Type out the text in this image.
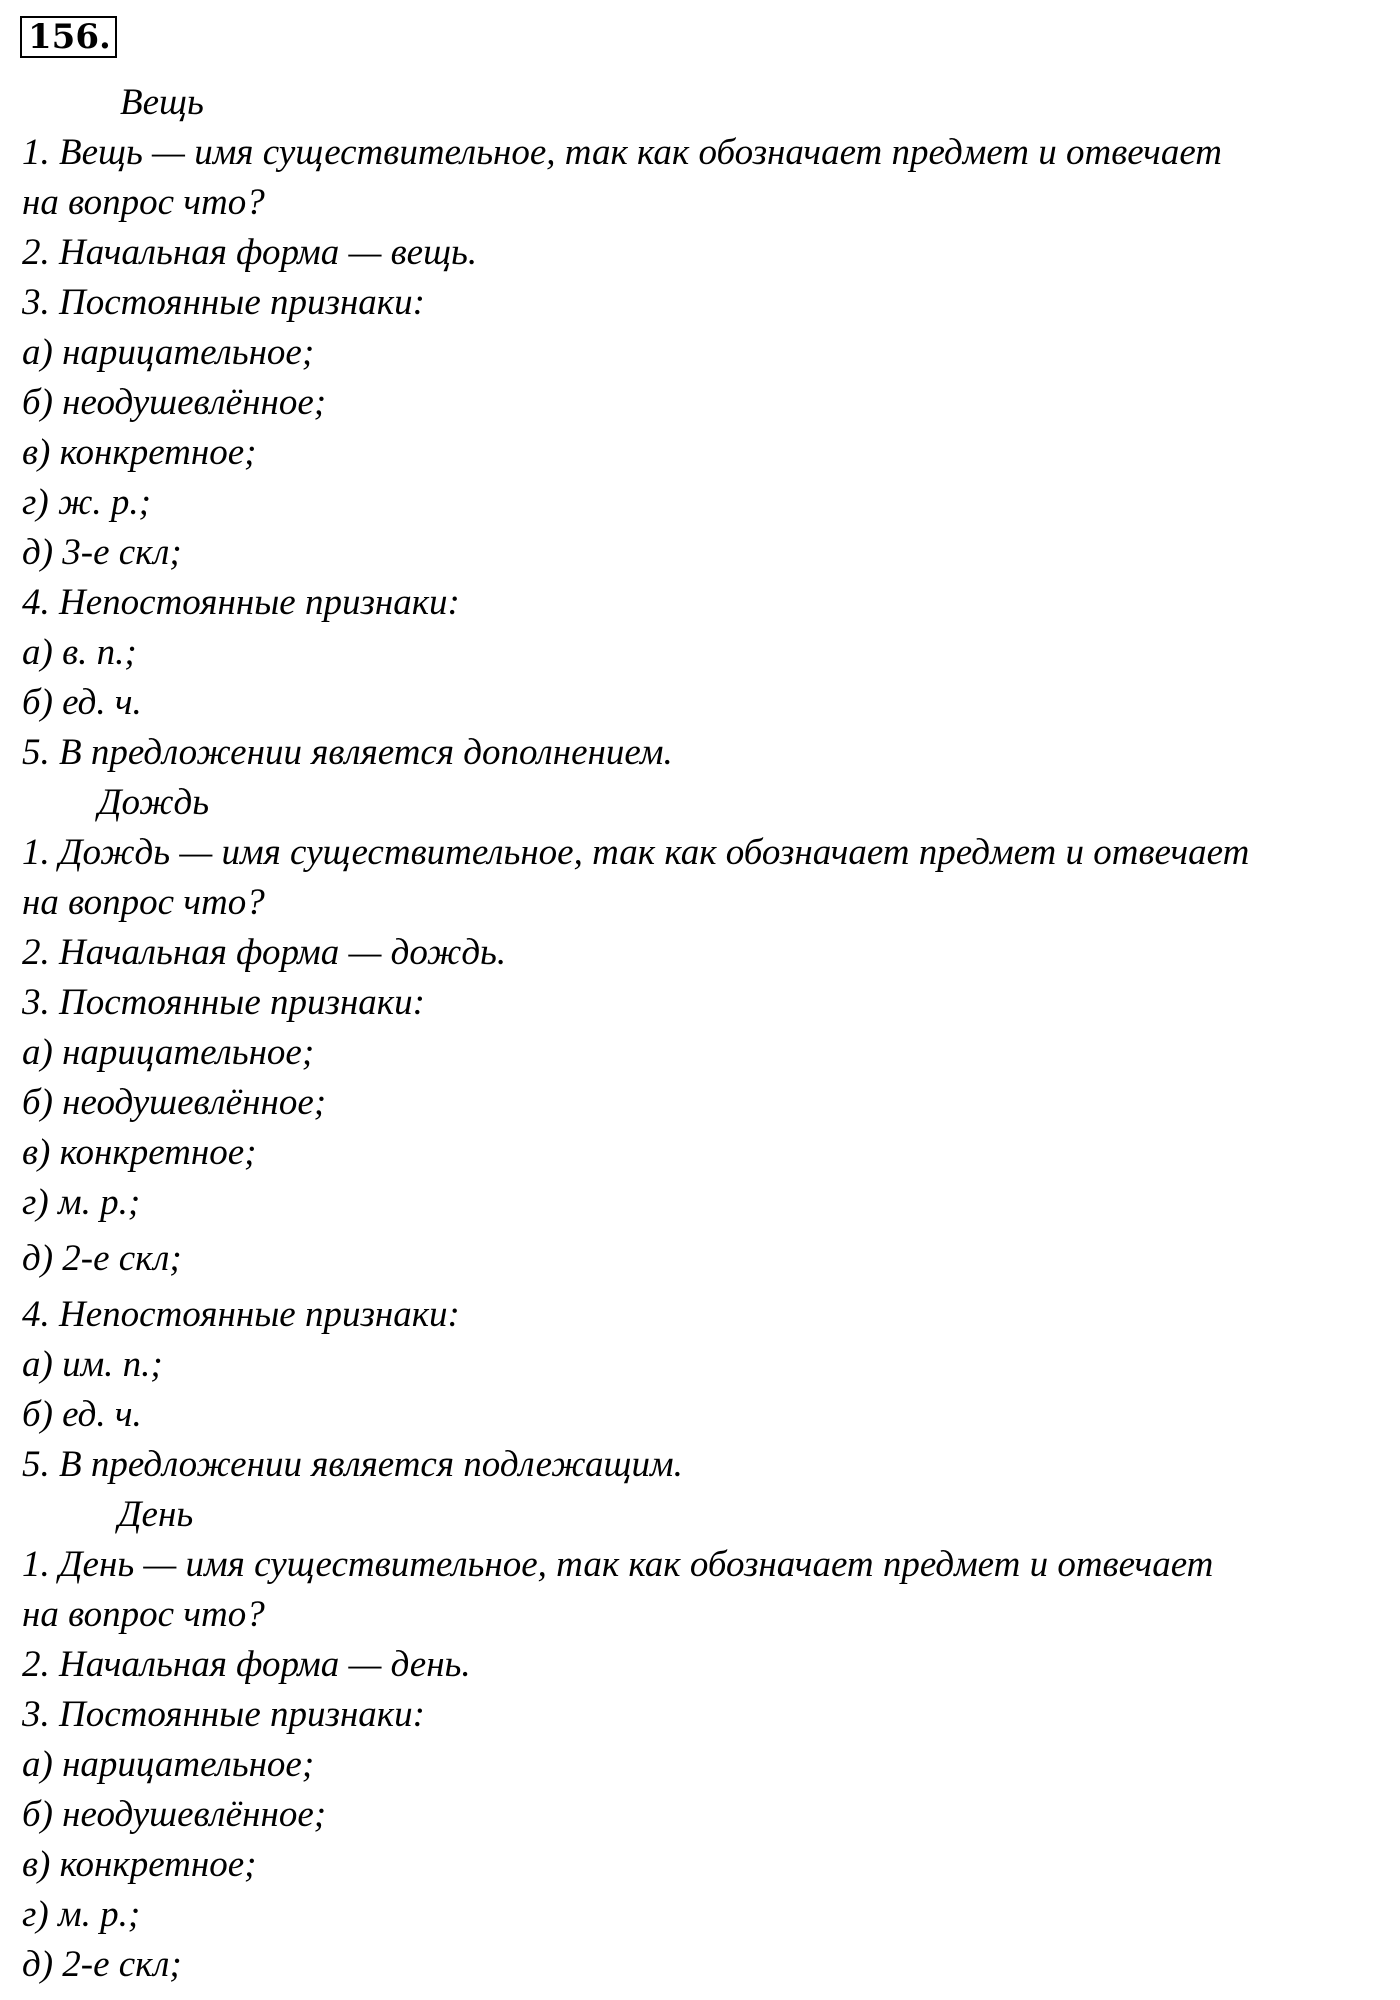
156.
Вещь
1. Вещь — имя существительное, так как обозначает предмет и отвечает
на вопрос что?
2. Начальная форма — вещь.
3. Постоянные признаки:
а) нарицательное;
б) неодушевлённое;
в) конкретное;
г) ж. р.;
д) 3-е скл;
4. Непостоянные признаки:
а) в. п.;
б) ед. ч.
5. В предложении является дополнением.
Дождь
1. Дождь — имя существительное, так как обозначает предмет и отвечает
на вопрос что?
2. Начальная форма — дождь.
3. Постоянные признаки:
а) нарицательное;
б) неодушевлённое;
в) конкретное;
г) м. р.;
д) 2-е скл;
4. Непостоянные признаки:
а) им. п.;
б) ед. ч.
5. В предложении является подлежащим.
День
1. День — имя существительное, так как обозначает предмет и отвечает
на вопрос что?
2. Начальная форма — день.
3. Постоянные признаки:
а) нарицательное;
б) неодушевлённое;
в) конкретное;
г) м. р.;
д) 2-е скл;
